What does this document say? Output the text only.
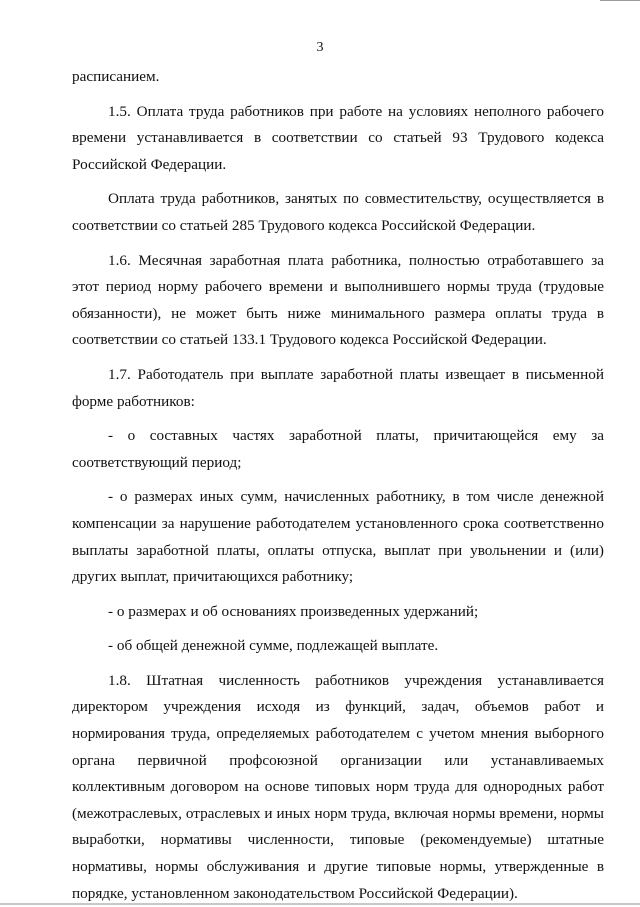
3

расписанием.

1.5. Оплата труда работников при работе на условиях неполного рабочего времени устанавливается в соответствии со статьей 93 Трудового кодекса Российской Федерации.

Оплата труда работников, занятых по совместительству, осуществляется в соответствии со статьей 285 Трудового кодекса Российской Федерации.

1.6. Месячная заработная плата работника, полностью отработавшего за этот период норму рабочего времени и выполнившего нормы труда (трудовые обязанности), не может быть ниже минимального размера оплаты труда в соответствии со статьей 133.1 Трудового кодекса Российской Федерации.

1.7. Работодатель при выплате заработной платы извещает в письменной форме работников:

- о составных частях заработной платы, причитающейся ему за соответствующий период;

- о размерах иных сумм, начисленных работнику, в том числе денежной компенсации за нарушение работодателем установленного срока соответственно выплаты заработной платы, оплаты отпуска, выплат при увольнении и (или) других выплат, причитающихся работнику;

- о размерах и об основаниях произведенных удержаний;

- об общей денежной сумме, подлежащей выплате.

1.8. Штатная численность работников учреждения устанавливается директором учреждения исходя из функций, задач, объемов работ и нормирования труда, определяемых работодателем с учетом мнения выборного органа первичной профсоюзной организации или устанавливаемых коллективным договором на основе типовых норм труда для однородных работ (межотраслевых, отраслевых и иных норм труда, включая нормы времени, нормы выработки, нормативы численности, типовые (рекомендуемые) штатные нормативы, нормы обслуживания и другие типовые нормы, утвержденные в порядке, установленном законодательством Российской Федерации).
